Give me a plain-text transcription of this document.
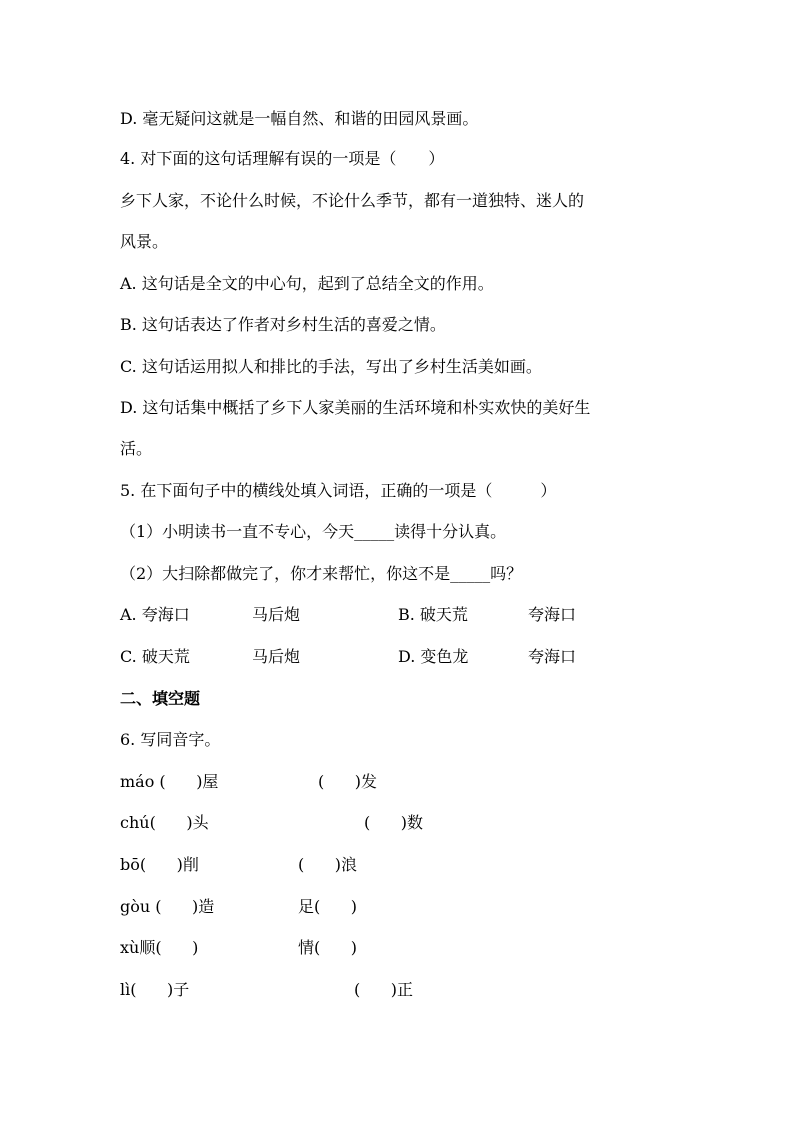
D. 毫无疑问这就是一幅自然、和谐的田园风景画。
4. 对下面的这句话理解有误的一项是（　　）
乡下人家，不论什么时候，不论什么季节，都有一道独特、迷人的
风景。
A. 这句话是全文的中心句，起到了总结全文的作用。
B. 这句话表达了作者对乡村生活的喜爱之情。
C. 这句话运用拟人和排比的手法，写出了乡村生活美如画。
D. 这句话集中概括了乡下人家美丽的生活环境和朴实欢快的美好生
活。
5. 在下面句子中的横线处填入词语，正确的一项是（　　　）
（1）小明读书一直不专心，今天_____读得十分认真。
（2）大扫除都做完了，你才来帮忙，你这不是_____吗？
A. 夸海口	马后炮	B. 破天荒	夸海口
C. 破天荒	马后炮	D. 变色龙	夸海口
二、填空题
6. 写同音字。
máo (      )屋	(      )发
chú(      )头	(      )数
bō(      )削	(      )浪
gòu (      )造	足(      )
xù顺(      )	情(      )
lì(      )子	(      )正
